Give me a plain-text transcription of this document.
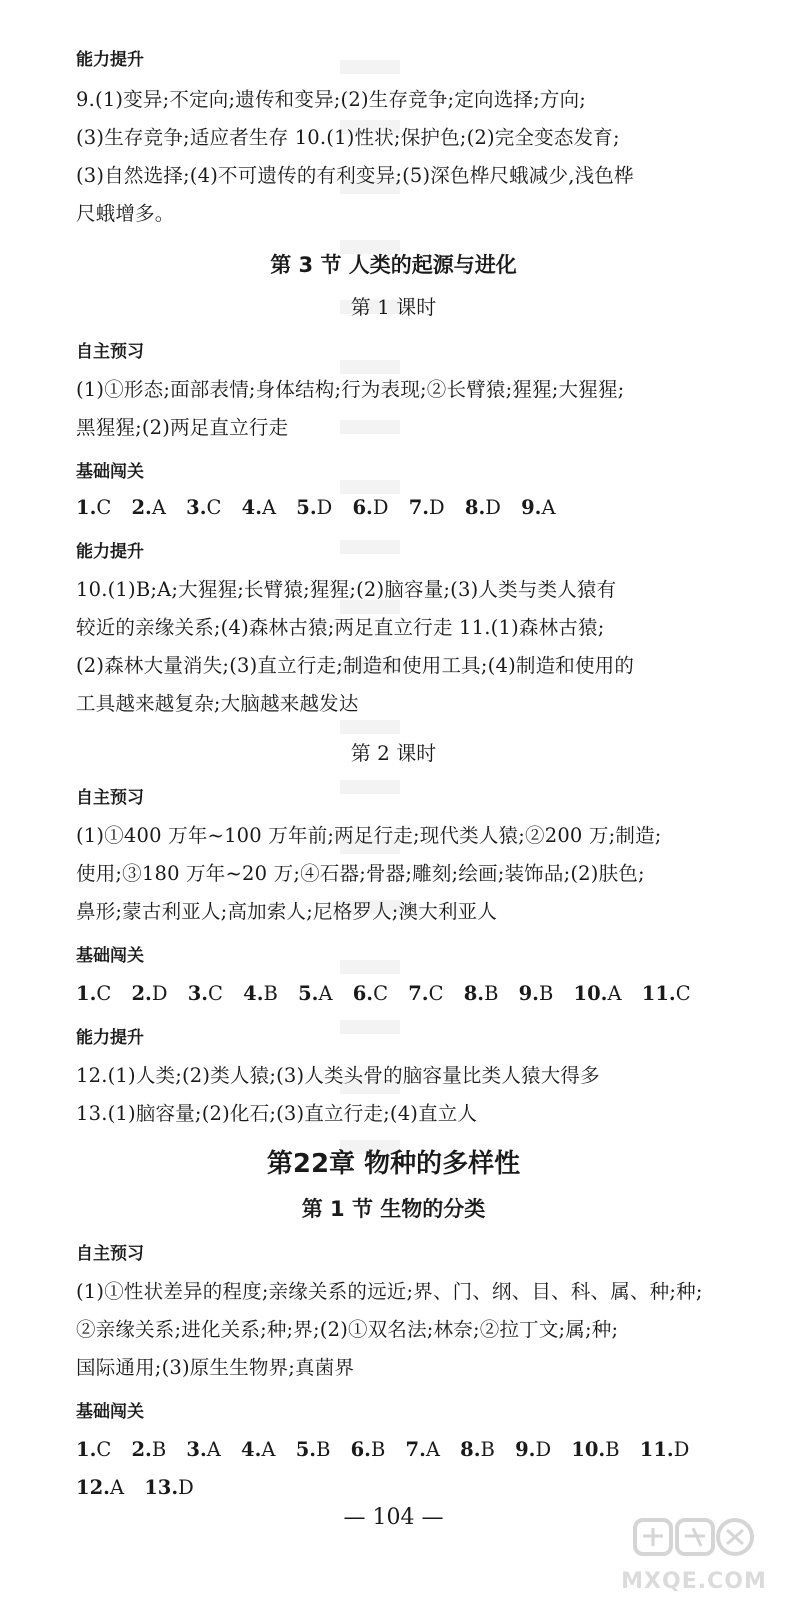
能力提升
9.(1)变异;不定向;遗传和变异;(2)生存竞争;定向选择;方向;
(3)生存竞争;适应者生存 10.(1)性状;保护色;(2)完全变态发育;
(3)自然选择;(4)不可遗传的有利变异;(5)深色桦尺蛾减少,浅色桦
尺蛾增多。
第 3 节 人类的起源与进化
第 1 课时
自主预习
(1)①形态;面部表情;身体结构;行为表现;②长臂猿;猩猩;大猩猩;
黑猩猩;(2)两足直立行走
基础闯关
1.C 2.A 3.C 4.A 5.D 6.D 7.D 8.D 9.A
能力提升
10.(1)B;A;大猩猩;长臂猿;猩猩;(2)脑容量;(3)人类与类人猿有
较近的亲缘关系;(4)森林古猿;两足直立行走 11.(1)森林古猿;
(2)森林大量消失;(3)直立行走;制造和使用工具;(4)制造和使用的
工具越来越复杂;大脑越来越发达
第 2 课时
自主预习
(1)①400 万年~100 万年前;两足行走;现代类人猿;②200 万;制造;
使用;③180 万年~20 万;④石器;骨器;雕刻;绘画;装饰品;(2)肤色;
鼻形;蒙古利亚人;高加索人;尼格罗人;澳大利亚人
基础闯关
1.C 2.D 3.C 4.B 5.A 6.C 7.C 8.B 9.B 10.A 11.C
能力提升
12.(1)人类;(2)类人猿;(3)人类头骨的脑容量比类人猿大得多
13.(1)脑容量;(2)化石;(3)直立行走;(4)直立人
第22章 物种的多样性
第 1 节 生物的分类
自主预习
(1)①性状差异的程度;亲缘关系的远近;界、门、纲、目、科、属、种;种;
②亲缘关系;进化关系;种;界;(2)①双名法;林奈;②拉丁文;属;种;
国际通用;(3)原生生物界;真菌界
基础闯关
1.C 2.B 3.A 4.A 5.B 6.B 7.A 8.B 9.D 10.B 11.D
12.A 13.D
— 104 —
MXQE.COM
